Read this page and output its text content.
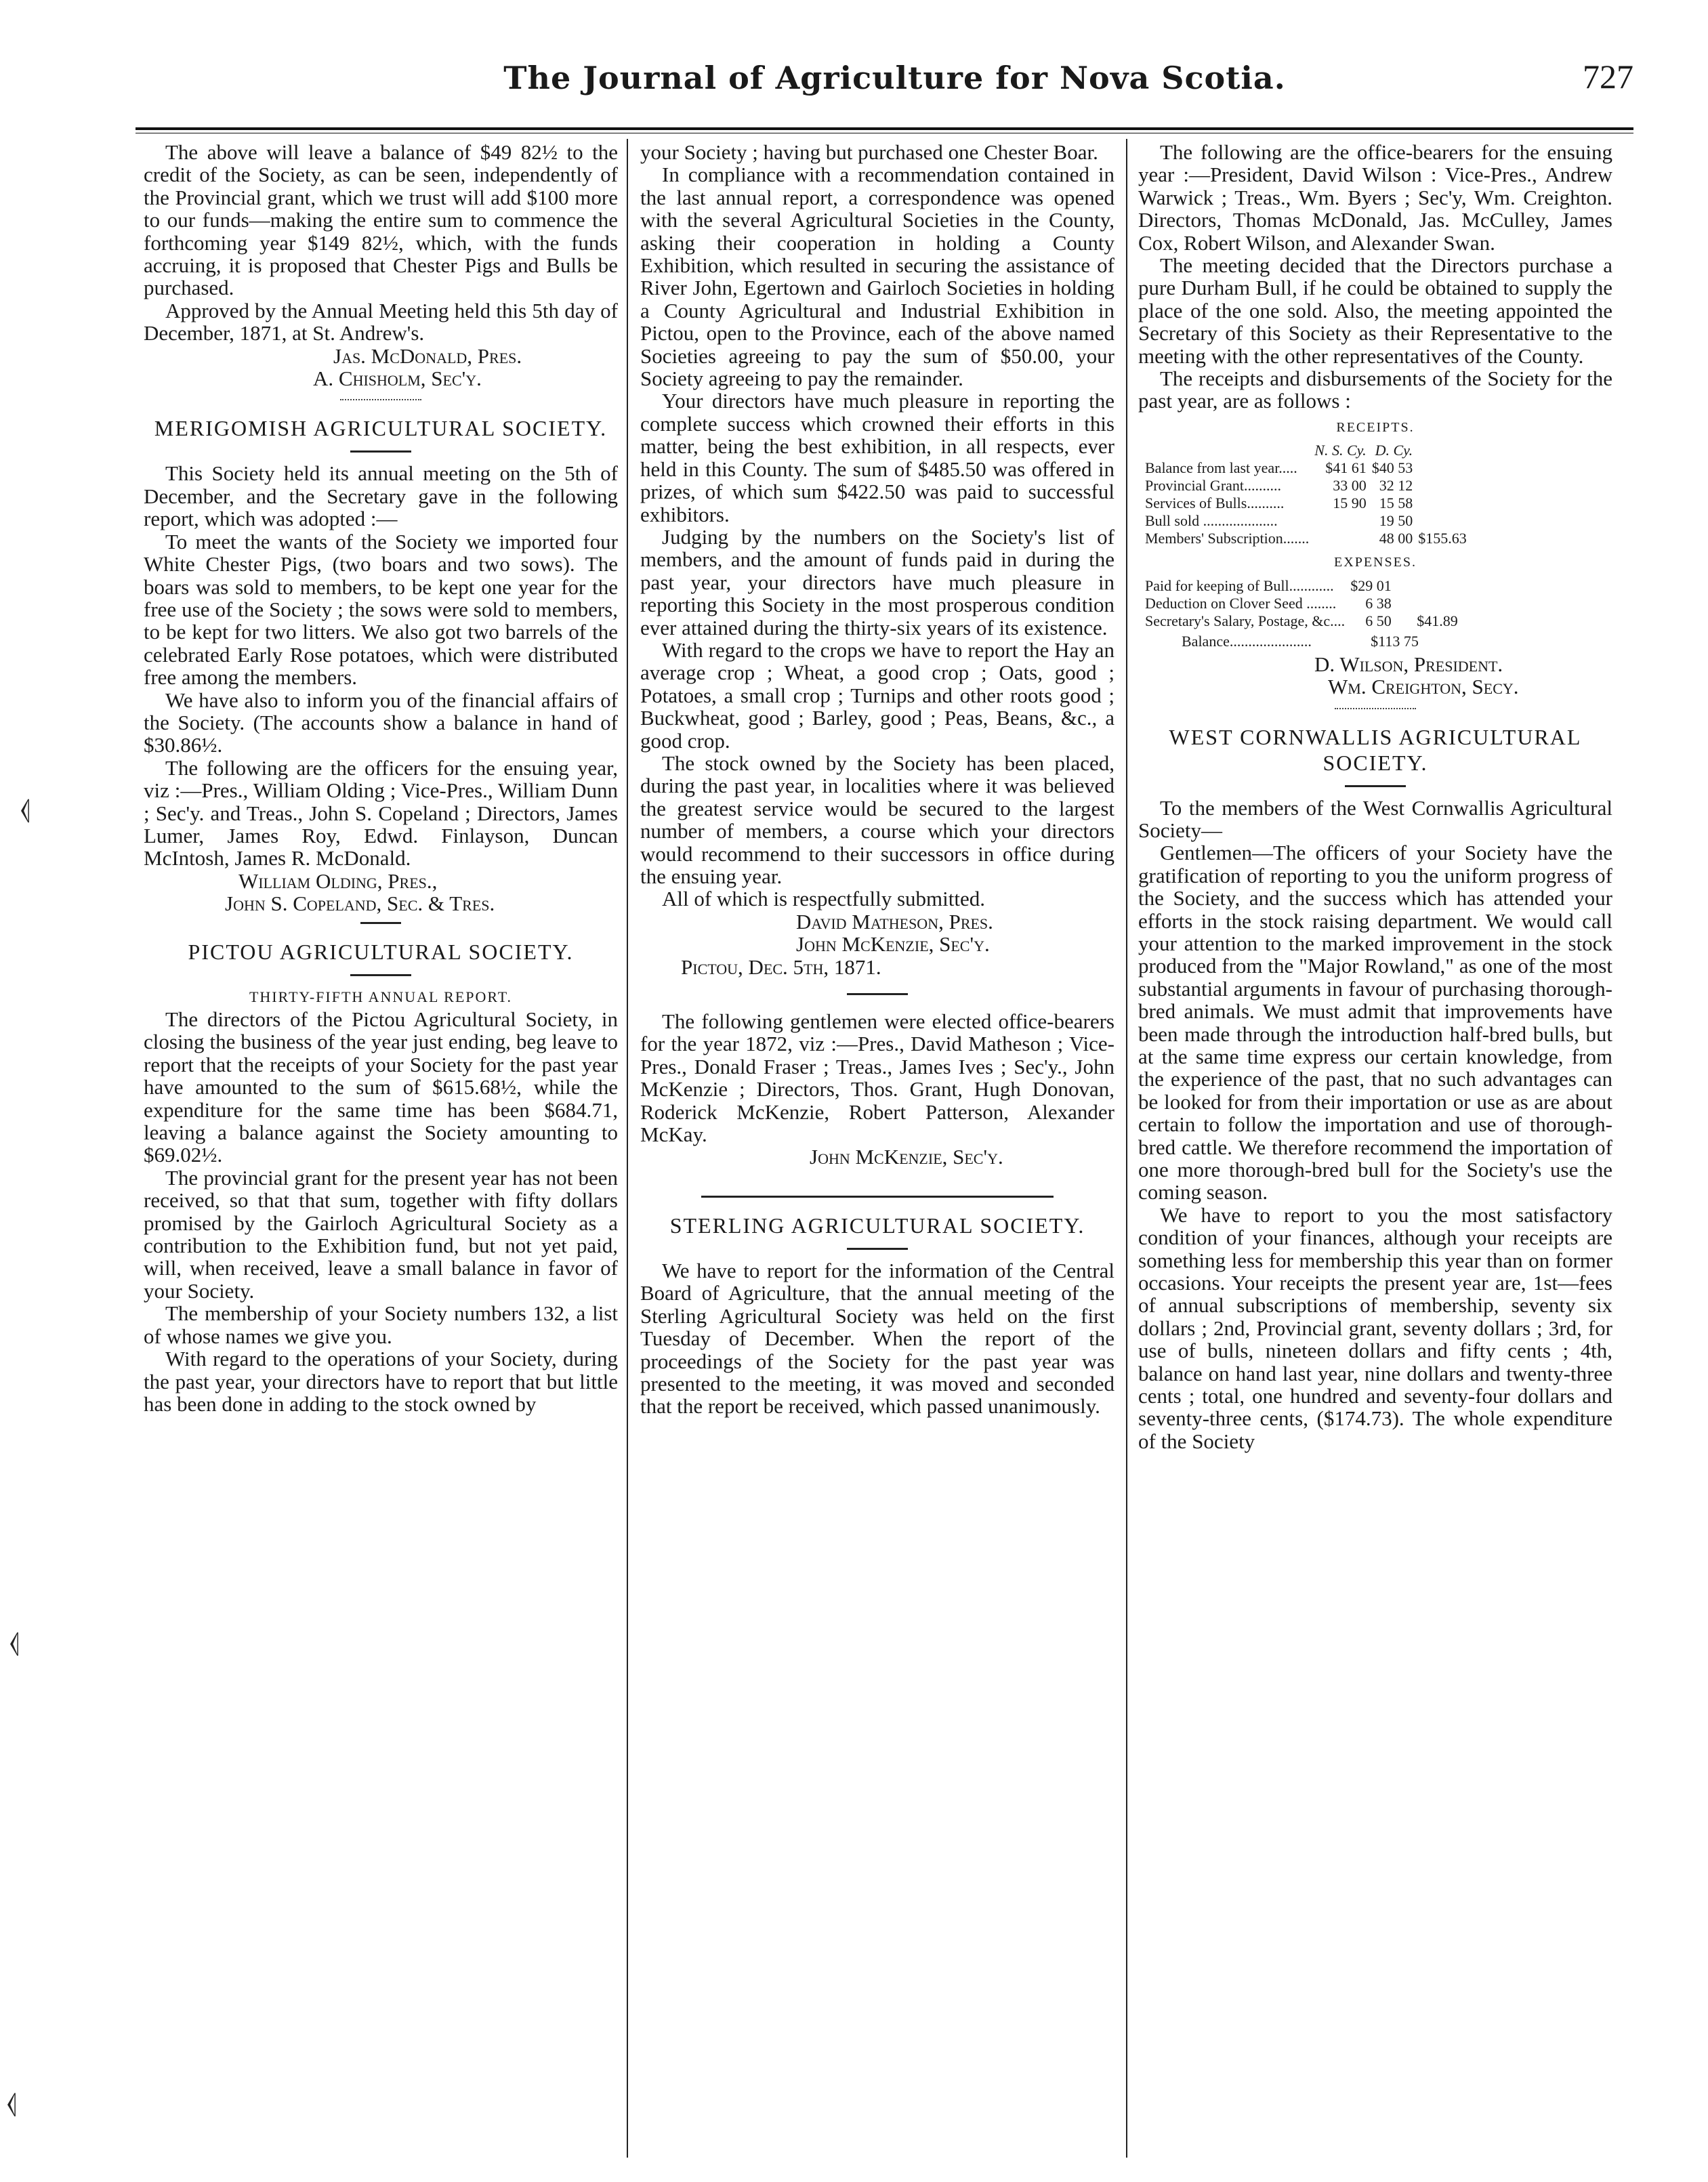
The Journal of Agriculture for Nova Scotia.	727
⦉
⦉
⦉

The above will leave a balance of $49 82½ to the credit of the Society, as can be seen, independently of the Provincial grant, which we trust will add $100 more to our funds—making the entire sum to commence the forthcoming year $149 82½, which, with the funds accruing, it is proposed that Chester Pigs and Bulls be purchased.

Approved by the Annual Meeting held this 5th day of December, 1871, at St. Andrew's.

Jas. McDonald, Pres.

A. Chisholm, Sec'y.

MERIGOMISH AGRICULTURAL SOCIETY.

This Society held its annual meeting on the 5th of December, and the Secretary gave in the following report, which was adopted :—

To meet the wants of the Society we imported four White Chester Pigs, (two boars and two sows). The boars was sold to members, to be kept one year for the free use of the Society ; the sows were sold to members, to be kept for two litters. We also got two barrels of the celebrated Early Rose potatoes, which were distributed free among the members.

We have also to inform you of the financial affairs of the Society. (The accounts show a balance in hand of $30.86½.

The following are the officers for the ensuing year, viz :—Pres., William Olding ; Vice-Pres., William Dunn ; Sec'y. and Treas., John S. Copeland ; Directors, James Lumer, James Roy, Edwd. Finlayson, Duncan McIntosh, James R. McDonald.

William Olding, Pres.,

John S. Copeland, Sec. & Tres.

PICTOU AGRICULTURAL SOCIETY.

THIRTY-FIFTH ANNUAL REPORT.

The directors of the Pictou Agricultural Society, in closing the business of the year just ending, beg leave to report that the receipts of your Society for the past year have amounted to the sum of $615.68½, while the expenditure for the same time has been $684.71, leaving a balance against the Society amounting to $69.02½.

The provincial grant for the present year has not been received, so that that sum, together with fifty dollars promised by the Gairloch Agricultural Society as a contribution to the Exhibition fund, but not yet paid, will, when received, leave a small balance in favor of your Society.

The membership of your Society numbers 132, a list of whose names we give you.

With regard to the operations of your Society, during the past year, your directors have to report that but little has been done in adding to the stock owned by

your Society ; having but purchased one Chester Boar.

In compliance with a recommendation contained in the last annual report, a correspondence was opened with the several Agricultural Societies in the County, asking their cooperation in holding a County Exhibition, which resulted in securing the assistance of River John, Egertown and Gairloch Societies in holding a County Agricultural and Industrial Exhibition in Pictou, open to the Province, each of the above named Societies agreeing to pay the sum of $50.00, your Society agreeing to pay the remainder.

Your directors have much pleasure in reporting the complete success which crowned their efforts in this matter, being the best exhibition, in all respects, ever held in this County. The sum of $485.50 was offered in prizes, of which sum $422.50 was paid to successful exhibitors.

Judging by the numbers on the Society's list of members, and the amount of funds paid in during the past year, your directors have much pleasure in reporting this Society in the most prosperous condition ever attained during the thirty-six years of its existence.

With regard to the crops we have to report the Hay an average crop ; Wheat, a good crop ; Oats, good ; Potatoes, a small crop ; Turnips and other roots good ; Buckwheat, good ; Barley, good ; Peas, Beans, &c., a good crop.

The stock owned by the Society has been placed, during the past year, in localities where it was believed the greatest service would be secured to the largest number of members, a course which your directors would recommend to their successors in office during the ensuing year.

All of which is respectfully submitted.

David Matheson, Pres.

John McKenzie, Sec'y.

Pictou, Dec. 5th, 1871.

The following gentlemen were elected office-bearers for the year 1872, viz :—Pres., David Matheson ; Vice-Pres., Donald Fraser ; Treas., James Ives ; Sec'y., John McKenzie ; Directors, Thos. Grant, Hugh Donovan, Roderick McKenzie, Robert Patterson, Alexander McKay.

John McKenzie, Sec'y.

STERLING AGRICULTURAL SOCIETY.

We have to report for the information of the Central Board of Agriculture, that the annual meeting of the Sterling Agricultural Society was held on the first Tuesday of December. When the report of the proceedings of the Society for the past year was presented to the meeting, it was moved and seconded that the report be received, which passed unanimously.

The following are the office-bearers for the ensuing year :—President, David Wilson : Vice-Pres., Andrew Warwick ; Treas., Wm. Byers ; Sec'y, Wm. Creighton. Directors, Thomas McDonald, Jas. McCulley, James Cox, Robert Wilson, and Alexander Swan.

The meeting decided that the Directors purchase a pure Durham Bull, if he could be obtained to supply the place of the one sold. Also, the meeting appointed the Secretary of this Society as their Representative to the meeting with the other representatives of the County.

The receipts and disbursements of the Society for the past year, are as follows :

RECEIPTS.
	N. S. Cy.	D. Cy.	
Balance from last year.....	$41 61	$40 53	
Provincial Grant..........	33 00	32 12	
Services of Bulls..........	15 90	15 58	
Bull sold ....................		19 50	
Members' Subscription.......		48 00	$155.63
EXPENSES.
Paid for keeping of Bull............	$29 01	
Deduction on Clover Seed ........	6 38	
Secretary's Salary, Postage, &c....	6 50	$41.89
Balance......................	$113 75

D. Wilson, President.

Wm. Creighton, Secy.

WEST CORNWALLIS AGRICULTURAL SOCIETY.

To the members of the West Cornwallis Agricultural Society—

Gentlemen—The officers of your Society have the gratification of reporting to you the uniform progress of the Society, and the success which has attended your efforts in the stock raising department. We would call your attention to the marked improvement in the stock produced from the "Major Rowland," as one of the most substantial arguments in favour of purchasing thorough-bred animals. We must admit that improvements have been made through the introduction half-bred bulls, but at the same time express our certain knowledge, from the experience of the past, that no such advantages can be looked for from their importation or use as are about certain to follow the importation and use of thorough-bred cattle. We therefore recommend the importation of one more thorough-bred bull for the Society's use the coming season.

We have to report to you the most satisfactory condition of your finances, although your receipts are something less for membership this year than on former occasions. Your receipts the present year are, 1st—fees of annual subscriptions of membership, seventy six dollars ; 2nd, Provincial grant, seventy dollars ; 3rd, for use of bulls, nineteen dollars and fifty cents ; 4th, balance on hand last year, nine dollars and twenty-three cents ; total, one hundred and seventy-four dollars and seventy-three cents, ($174.73). The whole expenditure of the Society
